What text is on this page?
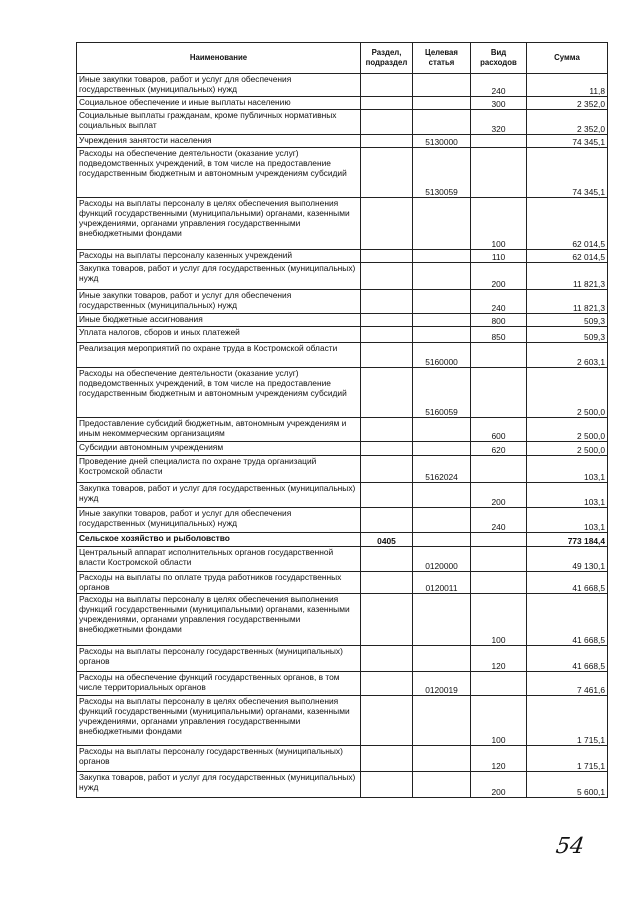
Наименование	Раздел, подраздел	Целевая статья	Вид расходов	Сумма
Иные закупки товаров, работ и услуг для обеспечения государственных (муниципальных) нужд			240	11,8
Социальное обеспечение и иные выплаты населению			300	2 352,0
Социальные выплаты гражданам, кроме публичных нормативных социальных выплат			320	2 352,0
Учреждения занятости населения		5130000		74 345,1
Расходы на обеспечение деятельности (оказание услуг) подведомственных учреждений, в том числе на предоставление государственным бюджетным и автономным учреждениям субсидий		5130059		74 345,1
Расходы на выплаты персоналу в целях обеспечения выполнения функций государственными (муниципальными) органами, казенными учреждениями, органами управления государственными внебюджетными фондами			100	62 014,5
Расходы на выплаты персоналу казенных учреждений			110	62 014,5
Закупка товаров, работ и услуг для государственных (муниципальных) нужд			200	11 821,3
Иные закупки товаров, работ и услуг для обеспечения государственных (муниципальных) нужд			240	11 821,3
Иные бюджетные ассигнования			800	509,3
Уплата налогов, сборов и иных платежей			850	509,3
Реализация мероприятий по охране труда в Костромской области		5160000		2 603,1
Расходы на обеспечение деятельности (оказание услуг) подведомственных учреждений, в том числе на предоставление государственным бюджетным и автономным учреждениям субсидий		5160059		2 500,0
Предоставление субсидий бюджетным, автономным учреждениям и иным некоммерческим организациям			600	2 500,0
Субсидии автономным учреждениям			620	2 500,0
Проведение дней специалиста по охране труда организаций Костромской области		5162024		103,1
Закупка товаров, работ и услуг для государственных (муниципальных) нужд			200	103,1
Иные закупки товаров, работ и услуг для обеспечения государственных (муниципальных) нужд			240	103,1
Сельское хозяйство и рыболовство	0405			773 184,4
Центральный аппарат исполнительных органов государственной власти Костромской области		0120000		49 130,1
Расходы на выплаты по оплате труда работников государственных органов		0120011		41 668,5
Расходы на выплаты персоналу в целях обеспечения выполнения функций государственными (муниципальными) органами, казенными учреждениями, органами управления государственными внебюджетными фондами			100	41 668,5
Расходы на выплаты персоналу государственных (муниципальных) органов			120	41 668,5
Расходы на обеспечение функций государственных органов, в том числе территориальных органов		0120019		7 461,6
Расходы на выплаты персоналу в целях обеспечения выполнения функций государственными (муниципальными) органами, казенными учреждениями, органами управления государственными внебюджетными фондами			100	1 715,1
Расходы на выплаты персоналу государственных (муниципальных) органов			120	1 715,1
Закупка товаров, работ и услуг для государственных (муниципальных) нужд			200	5 600,1
54
